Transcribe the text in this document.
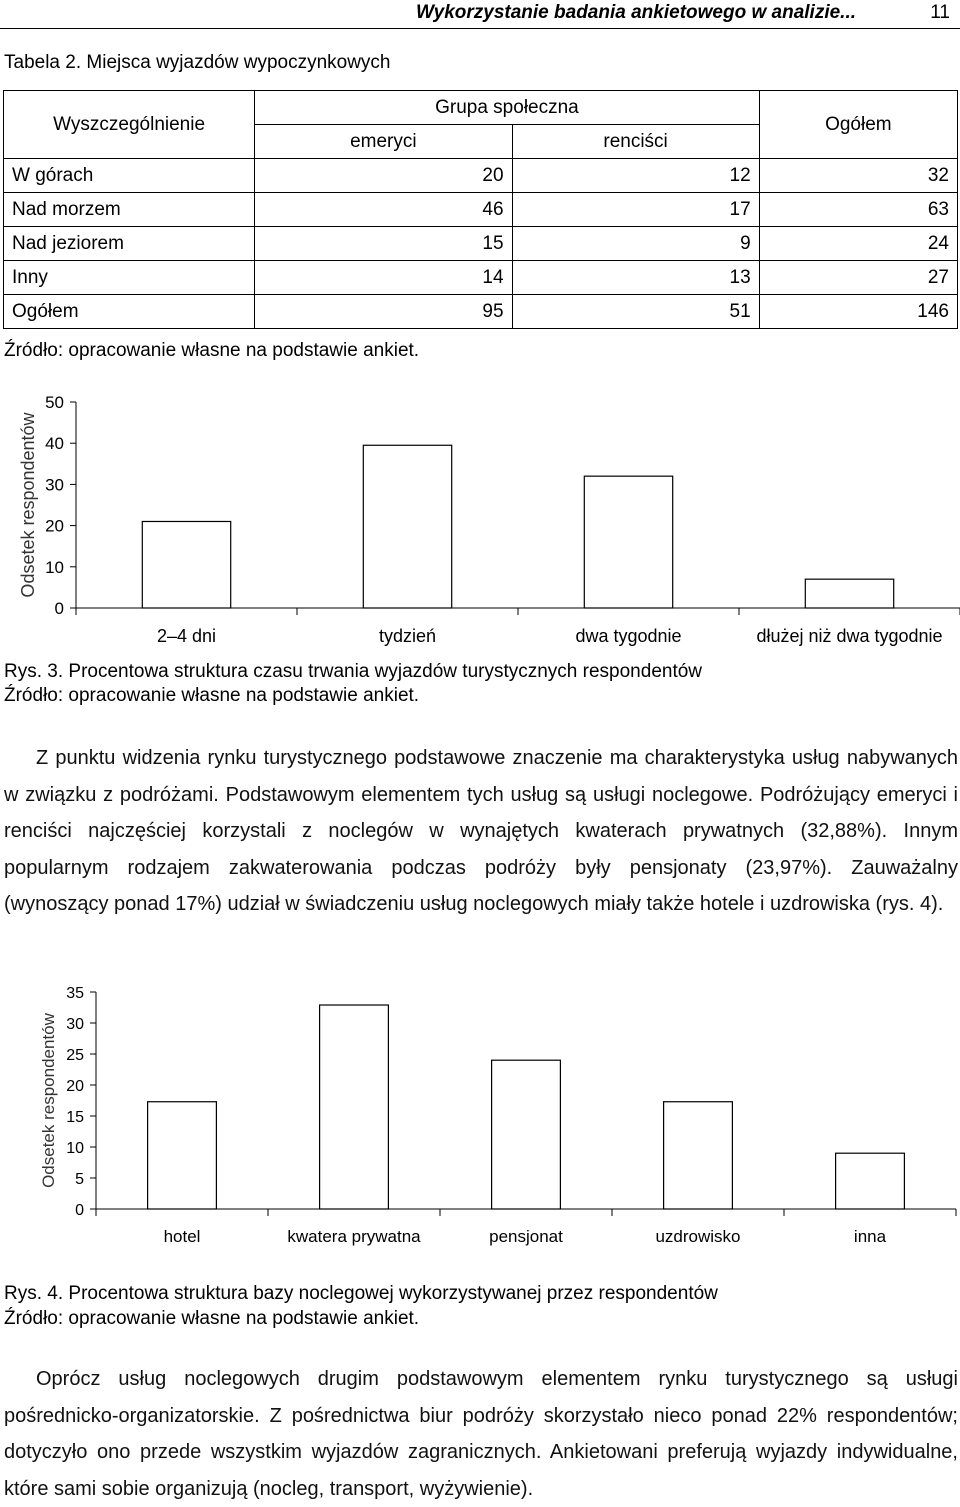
Wykorzystanie badania ankietowego w analizie...	11
Tabela 2. Miejsca wyjazdów wypoczynkowych
Wyszczególnienie	Grupa społeczna		Ogółem
	emeryci	renciści	
W górach	20	12	32
Nad morzem	46	17	63
Nad jeziorem	15	9	24
Inny	14	13	27
Ogółem	95	51	146
Źródło: opracowanie własne na podstawie ankiet.
0
10
20
30
40
50
2–4 dni	tydzień	dwa tygodnie	dłużej niż dwa tygodnie
Odsetek respondentów
Rys. 3. Procentowa struktura czasu trwania wyjazdów turystycznych respondentów
Źródło: opracowanie własne na podstawie ankiet.

Z punktu widzenia rynku turystycznego podstawowe znaczenie ma charakterystyka usług nabywanych w związku z podróżami. Podstawowym elementem tych usług są usługi noclegowe. Podróżujący emeryci i renciści najczęściej korzystali z noclegów w wynajętych kwaterach prywatnych (32,88%). Innym popularnym rodzajem zakwaterowania podczas podróży były pensjonaty (23,97%). Zauważalny (wynoszący ponad 17%) udział w świadczeniu usług noclegowych miały także hotele i uzdrowiska (rys. 4).

0
5
10
15
20
25
30
35
hotel	kwatera prywatna	pensjonat	uzdrowisko	inna
Odsetek respondentów
Rys. 4. Procentowa struktura bazy noclegowej wykorzystywanej przez respondentów
Źródło: opracowanie własne na podstawie ankiet.

Oprócz usług noclegowych drugim podstawowym elementem rynku turystycznego są usługi pośrednicko-organizatorskie. Z pośrednictwa biur podróży skorzystało nieco ponad 22% respondentów; dotyczyło ono przede wszystkim wyjazdów zagranicznych. Ankietowani preferują wyjazdy indywidualne, które sami sobie organizują (nocleg, transport, wyżywienie).
